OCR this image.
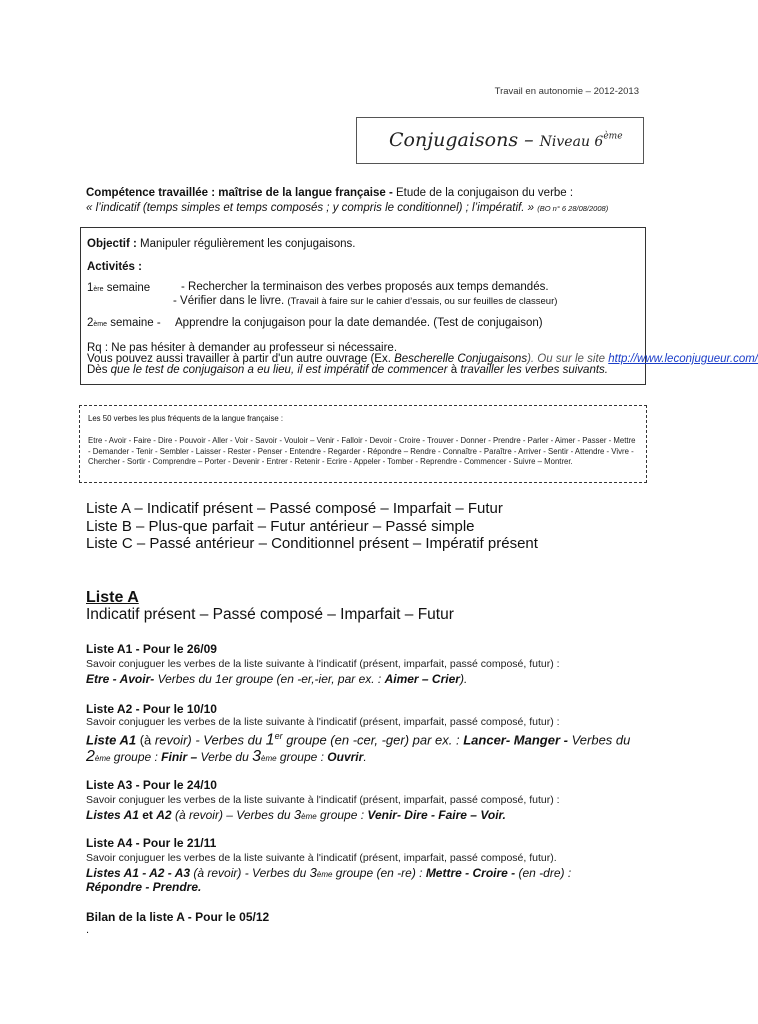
Travail en autonomie – 2012-2013
Conjugaisons – Niveau 6ème
Compétence travaillée : maîtrise de la langue française - Etude de la conjugaison du verbe :
« l’indicatif (temps simples et temps composés ; y compris le conditionnel) ; l’impératif. » (BO n° 6 28/08/2008)
Objectif : Manipuler régulièrement les conjugaisons.
Activités :
1ère semaine	- Rechercher la terminaison des verbes proposés aux temps demandés.
- Vérifier dans le livre. (Travail à faire sur le cahier d’essais, ou sur feuilles de classeur)
2ème semaine - Apprendre la conjugaison pour la date demandée. (Test de conjugaison)
Rq : Ne pas hésiter à demander au professeur si nécessaire.
Vous pouvez aussi travailler à partir d'un autre ouvrage (Ex. Bescherelle Conjugaisons). Ou sur le site http://www.leconjugueur.com/
Dès que le test de conjugaison a eu lieu, il est impératif de commencer à travailler les verbes suivants.
Les 50 verbes les plus fréquents de la langue française :
Etre - Avoir - Faire - Dire - Pouvoir - Aller - Voir - Savoir - Vouloir – Venir - Falloir - Devoir - Croire - Trouver - Donner - Prendre - Parler - Aimer - Passer - Mettre - Demander - Tenir - Sembler - Laisser - Rester - Penser - Entendre - Regarder - Répondre – Rendre - Connaître - Paraître - Arriver - Sentir - Attendre - Vivre - Chercher - Sortir - Comprendre – Porter - Devenir - Entrer - Retenir - Ecrire - Appeler - Tomber - Reprendre - Commencer - Suivre – Montrer.
Liste A – Indicatif présent – Passé composé – Imparfait – Futur
Liste B – Plus-que parfait – Futur antérieur – Passé simple
Liste C – Passé antérieur – Conditionnel présent – Impératif présent
Liste A
Indicatif présent – Passé composé – Imparfait – Futur
Liste A1 - Pour le 26/09
Savoir conjuguer les verbes de la liste suivante à l'indicatif (présent, imparfait, passé composé, futur) :
Etre - Avoir- Verbes du 1er groupe (en -er,-ier, par ex. : Aimer – Crier).
Liste A2 - Pour le 10/10
Savoir conjuguer les verbes de la liste suivante à l'indicatif (présent, imparfait, passé composé, futur) :
Liste A1 (à revoir) - Verbes du 1er groupe (en -cer, -ger) par ex. : Lancer- Manger - Verbes du
2ème groupe : Finir – Verbe du 3ème groupe : Ouvrir.
Liste A3 - Pour le 24/10
Savoir conjuguer les verbes de la liste suivante à l'indicatif (présent, imparfait, passé composé, futur) :
Listes A1 et A2 (à revoir) – Verbes du 3ème groupe : Venir- Dire - Faire – Voir.
Liste A4 - Pour le 21/11
Savoir conjuguer les verbes de la liste suivante à l'indicatif (présent, imparfait, passé composé, futur).
Listes A1 - A2 - A3 (à revoir) - Verbes du 3ème groupe (en -re) : Mettre - Croire - (en -dre) :
Répondre - Prendre.
Bilan de la liste A - Pour le 05/12
.
